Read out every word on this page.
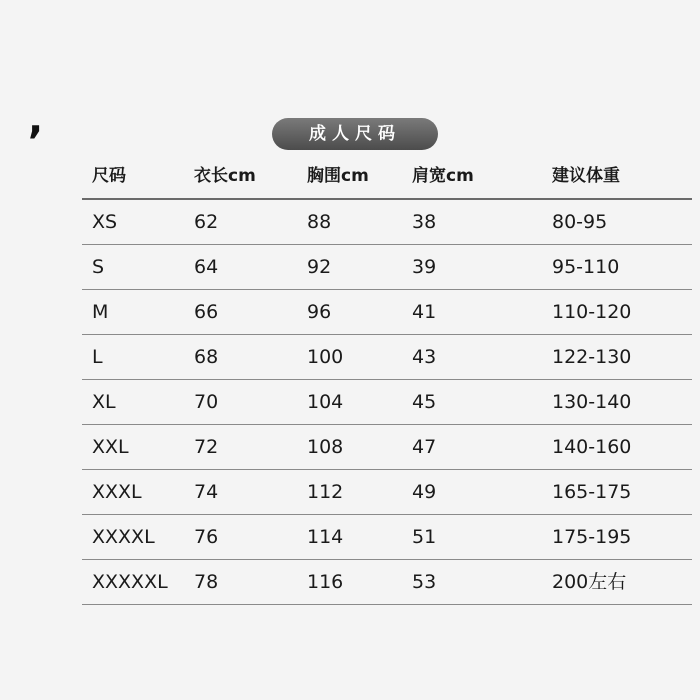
,	成人尺码
尺码	衣长cm	胸围cm	肩宽cm	建议体重
XS	62	88	38	80-95
S	64	92	39	95-110
M	66	96	41	110-120
L	68	100	43	122-130
XL	70	104	45	130-140
XXL	72	108	47	140-160
XXXL	74	112	49	165-175
XXXXL 76	114	51	175-195
XXXXXL 78	116	53	200左右
